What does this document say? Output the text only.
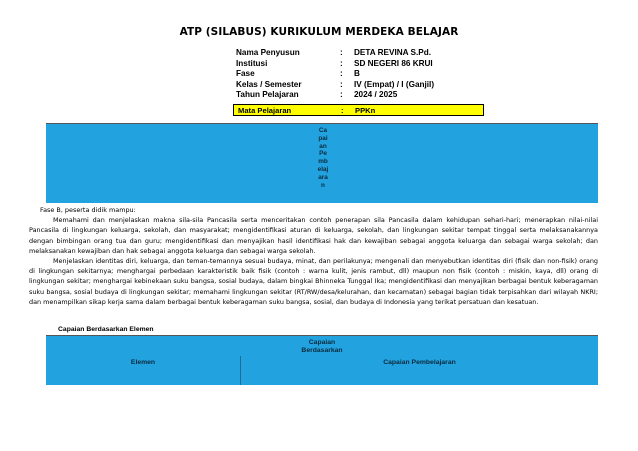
ATP (SILABUS) KURIKULUM MERDEKA BELAJAR
Nama Penyusun	: DETA REVINA S.Pd.
Institusi	: SD NEGERI 86 KRUI
Fase	: B
Kelas / Semester	: IV (Empat) / I (Ganjil)
Tahun Pelajaran	: 2024 / 2025
Mata Pelajaran	: PPKn
Capaian Pembelajaran

Fase B, peserta didik mampu:

Memahami dan menjelaskan makna sila-sila Pancasila serta menceritakan contoh penerapan sila Pancasila dalam kehidupan sehari-hari; menerapkan nilai-nilai Pancasila di lingkungan keluarga, sekolah, dan masyarakat; mengidentifikasi aturan di keluarga, sekolah, dan lingkungan sekitar tempat tinggal serta melaksanakannya dengan bimbingan orang tua dan guru; mengidentifikasi dan menyajikan hasil identifikasi hak dan kewajiban sebagai anggota keluarga dan sebagai warga sekolah; dan melaksanakan kewajiban dan hak sebagai anggota keluarga dan sebagai warga sekolah.

Menjelaskan identitas diri, keluarga, dan teman-temannya sesuai budaya, minat, dan perilakunya; mengenali dan menyebutkan identitas diri (fisik dan non-fisik) orang di lingkungan sekitarnya; menghargai perbedaan karakteristik baik fisik (contoh : warna kulit, jenis rambut, dll) maupun non fisik (contoh : miskin, kaya, dll) orang di lingkungan sekitar; menghargai kebinekaan suku bangsa, sosial budaya, dalam bingkai Bhinneka Tunggal Ika; mengidentifikasi dan menyajikan berbagai bentuk keberagaman suku bangsa, sosial budaya di lingkungan sekitar; memahami lingkungan sekitar (RT/RW/desa/kelurahan, dan kecamatan) sebagai bagian tidak terpisahkan dari wilayah NKRI; dan menampilkan sikap kerja sama dalam berbagai bentuk keberagaman suku bangsa, sosial, dan budaya di Indonesia yang terikat persatuan dan kesatuan.

Capaian Berdasarkan Elemen
Capaian
Berdasarkan
Elemen	Capaian Pembelajaran
